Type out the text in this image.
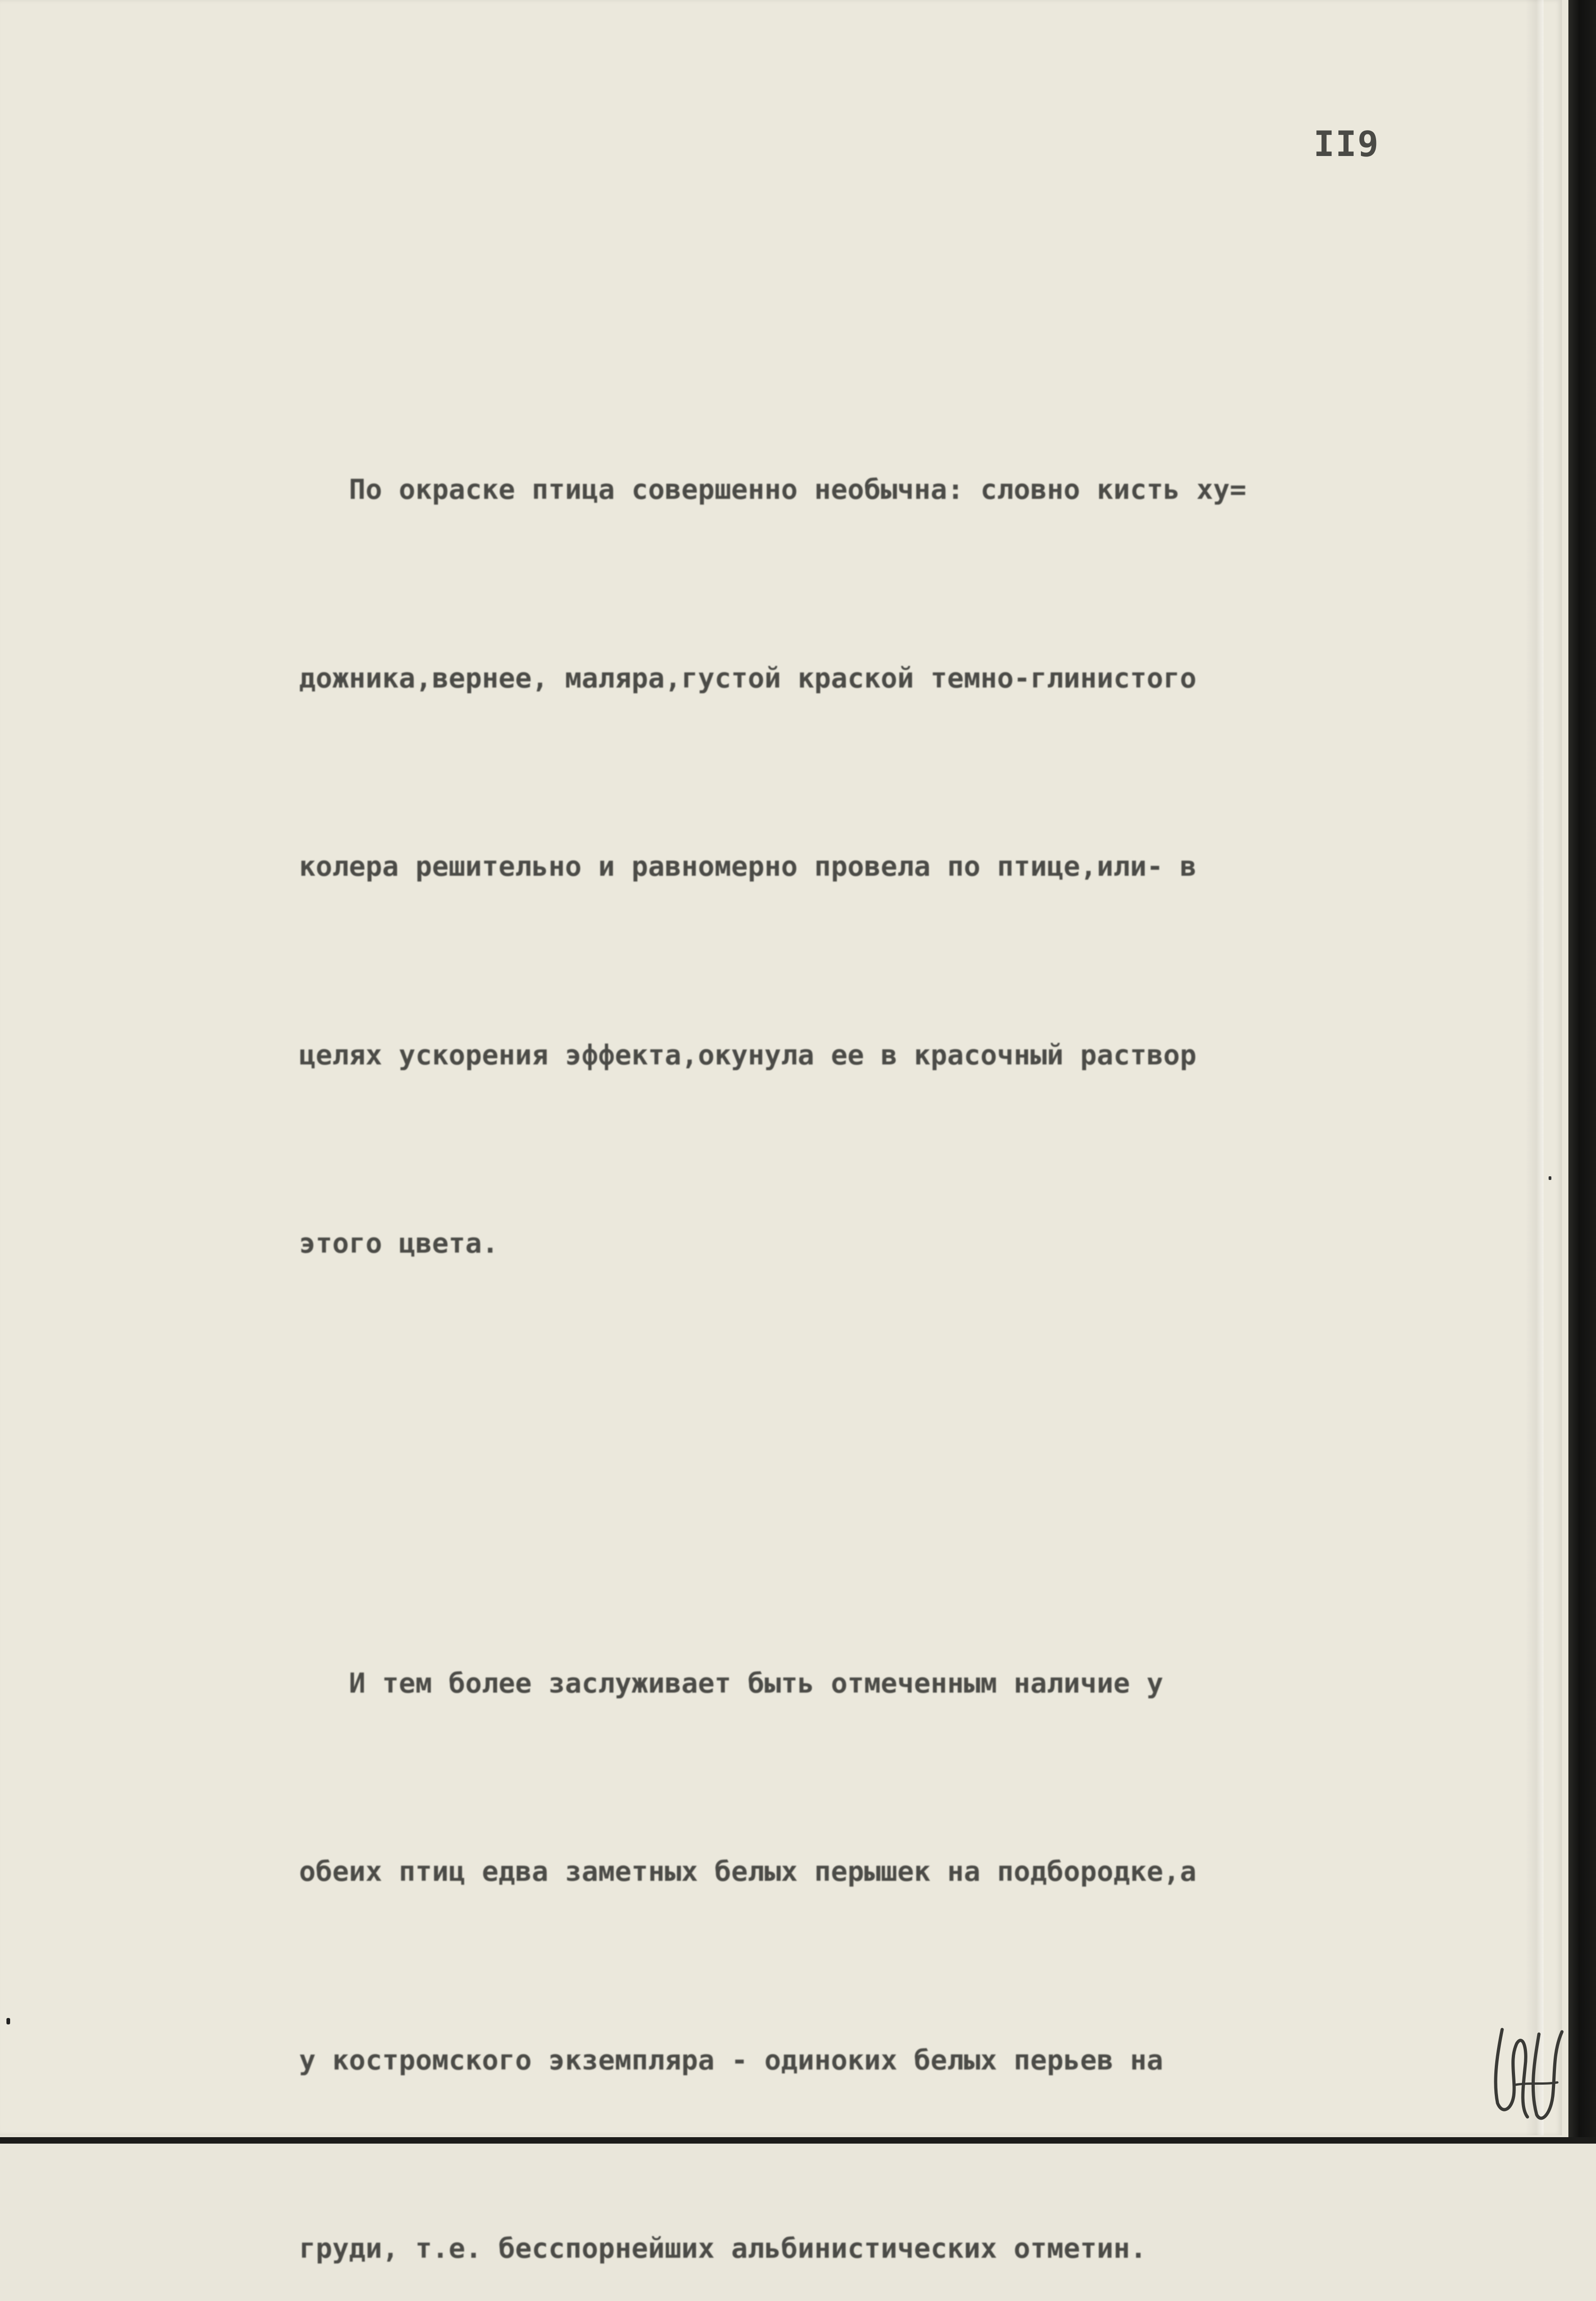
II9

По окраске птица совершенно необычна: словно кисть ху=

дожника,вернее, маляра,густой краской темно-глинистого

колера решительно и равномерно провела по птице,или- в

целях ускорения эффекта,окунула ее в красочный раствор

этого цвета.

И тем более заслуживает быть отмеченным наличие у

обеих птиц едва заметных белых перышек на подбородке,а

у костромского экземпляра - одиноких белых перьев на

груди, т.е. бесспорнейших альбинистических отметин.
